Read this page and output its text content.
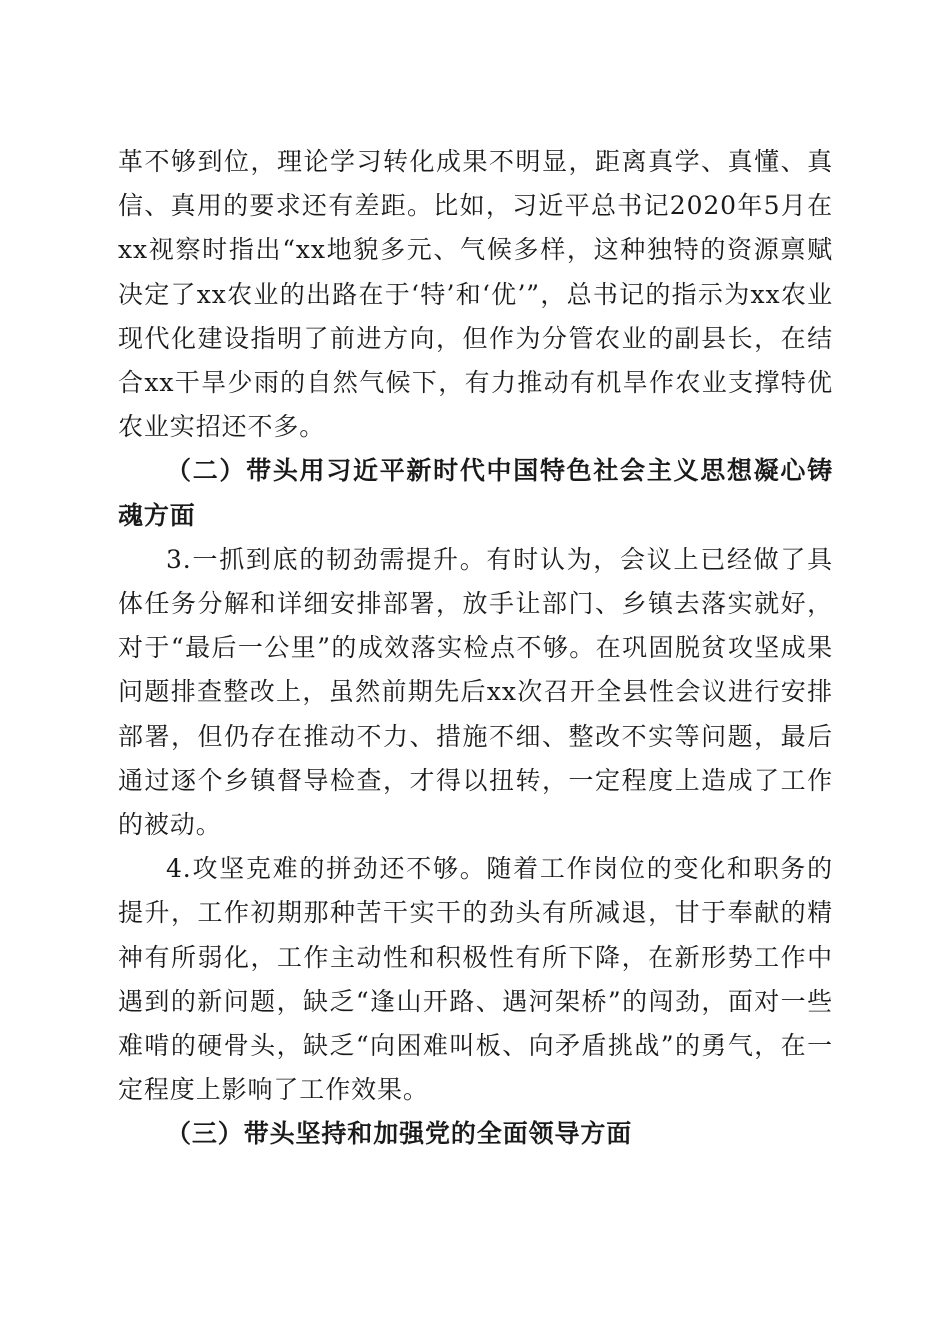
革不够到位，理论学习转化成果不明显，距离真学、真懂、真信、真用的要求还有差距。比如，习近平总书记2020年5月在xx视察时指出“xx地貌多元、气候多样，这种独特的资源禀赋决定了xx农业的出路在于‘特’和‘优’”，总书记的指示为xx农业现代化建设指明了前进方向，但作为分管农业的副县长，在结合xx干旱少雨的自然气候下，有力推动有机旱作农业支撑特优农业实招还不多。

（二）带头用习近平新时代中国特色社会主义思想凝心铸魂方面

3.一抓到底的韧劲需提升。有时认为，会议上已经做了具体任务分解和详细安排部署，放手让部门、乡镇去落实就好，对于“最后一公里”的成效落实检点不够。在巩固脱贫攻坚成果问题排查整改上，虽然前期先后xx次召开全县性会议进行安排部署，但仍存在推动不力、措施不细、整改不实等问题，最后通过逐个乡镇督导检查，才得以扭转，一定程度上造成了工作的被动。

4.攻坚克难的拼劲还不够。随着工作岗位的变化和职务的提升，工作初期那种苦干实干的劲头有所减退，甘于奉献的精神有所弱化，工作主动性和积极性有所下降，在新形势工作中遇到的新问题，缺乏“逢山开路、遇河架桥”的闯劲，面对一些难啃的硬骨头，缺乏“向困难叫板、向矛盾挑战”的勇气，在一定程度上影响了工作效果。

（三）带头坚持和加强党的全面领导方面
